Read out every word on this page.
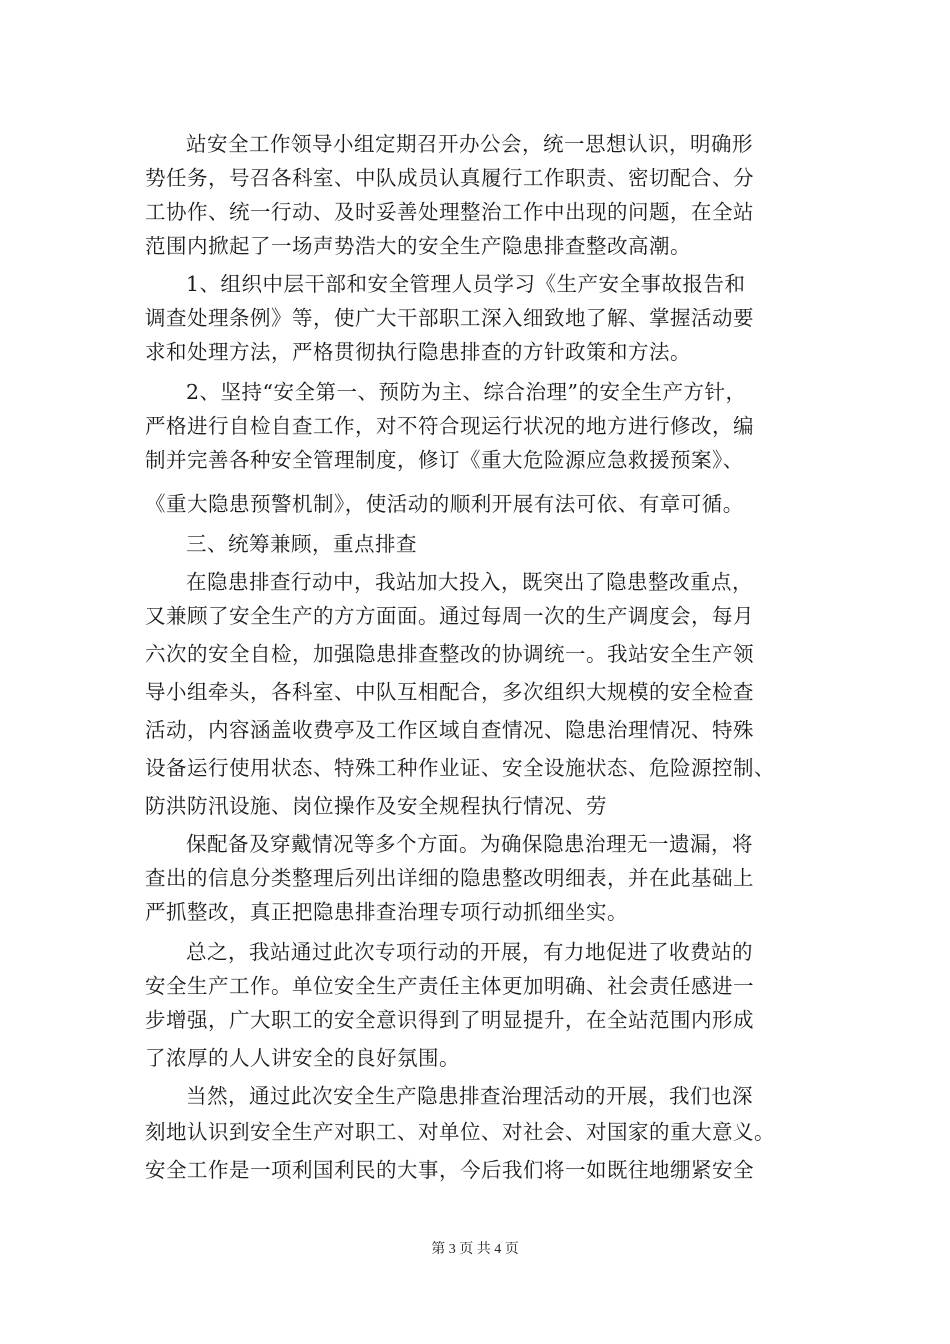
站安全工作领导小组定期召开办公会，统一思想认识，明确形
势任务，号召各科室、中队成员认真履行工作职责、密切配合、分
工协作、统一行动、及时妥善处理整治工作中出现的问题，在全站
范围内掀起了一场声势浩大的安全生产隐患排查整改高潮。
1、组织中层干部和安全管理人员学习《生产安全事故报告和
调查处理条例》等，使广大干部职工深入细致地了解、掌握活动要
求和处理方法，严格贯彻执行隐患排查的方针政策和方法。
2、坚持“安全第一、预防为主、综合治理”的安全生产方针，
严格进行自检自查工作，对不符合现运行状况的地方进行修改，编
制并完善各种安全管理制度，修订《重大危险源应急救援预案》、
《重大隐患预警机制》，使活动的顺利开展有法可依、有章可循。
三、统筹兼顾，重点排查
在隐患排查行动中，我站加大投入，既突出了隐患整改重点，
又兼顾了安全生产的方方面面。通过每周一次的生产调度会，每月
六次的安全自检，加强隐患排查整改的协调统一。我站安全生产领
导小组牵头，各科室、中队互相配合，多次组织大规模的安全检查
活动，内容涵盖收费亭及工作区域自查情况、隐患治理情况、特殊
设备运行使用状态、特殊工种作业证、安全设施状态、危险源控制、
防洪防汛设施、岗位操作及安全规程执行情况、劳
保配备及穿戴情况等多个方面。为确保隐患治理无一遗漏，将
查出的信息分类整理后列出详细的隐患整改明细表，并在此基础上
严抓整改，真正把隐患排查治理专项行动抓细坐实。
总之，我站通过此次专项行动的开展，有力地促进了收费站的
安全生产工作。单位安全生产责任主体更加明确、社会责任感进一
步增强，广大职工的安全意识得到了明显提升，在全站范围内形成
了浓厚的人人讲安全的良好氛围。
当然，通过此次安全生产隐患排查治理活动的开展，我们也深
刻地认识到安全生产对职工、对单位、对社会、对国家的重大意义。
安全工作是一项利国利民的大事，今后我们将一如既往地绷紧安全
第 3 页 共 4 页
